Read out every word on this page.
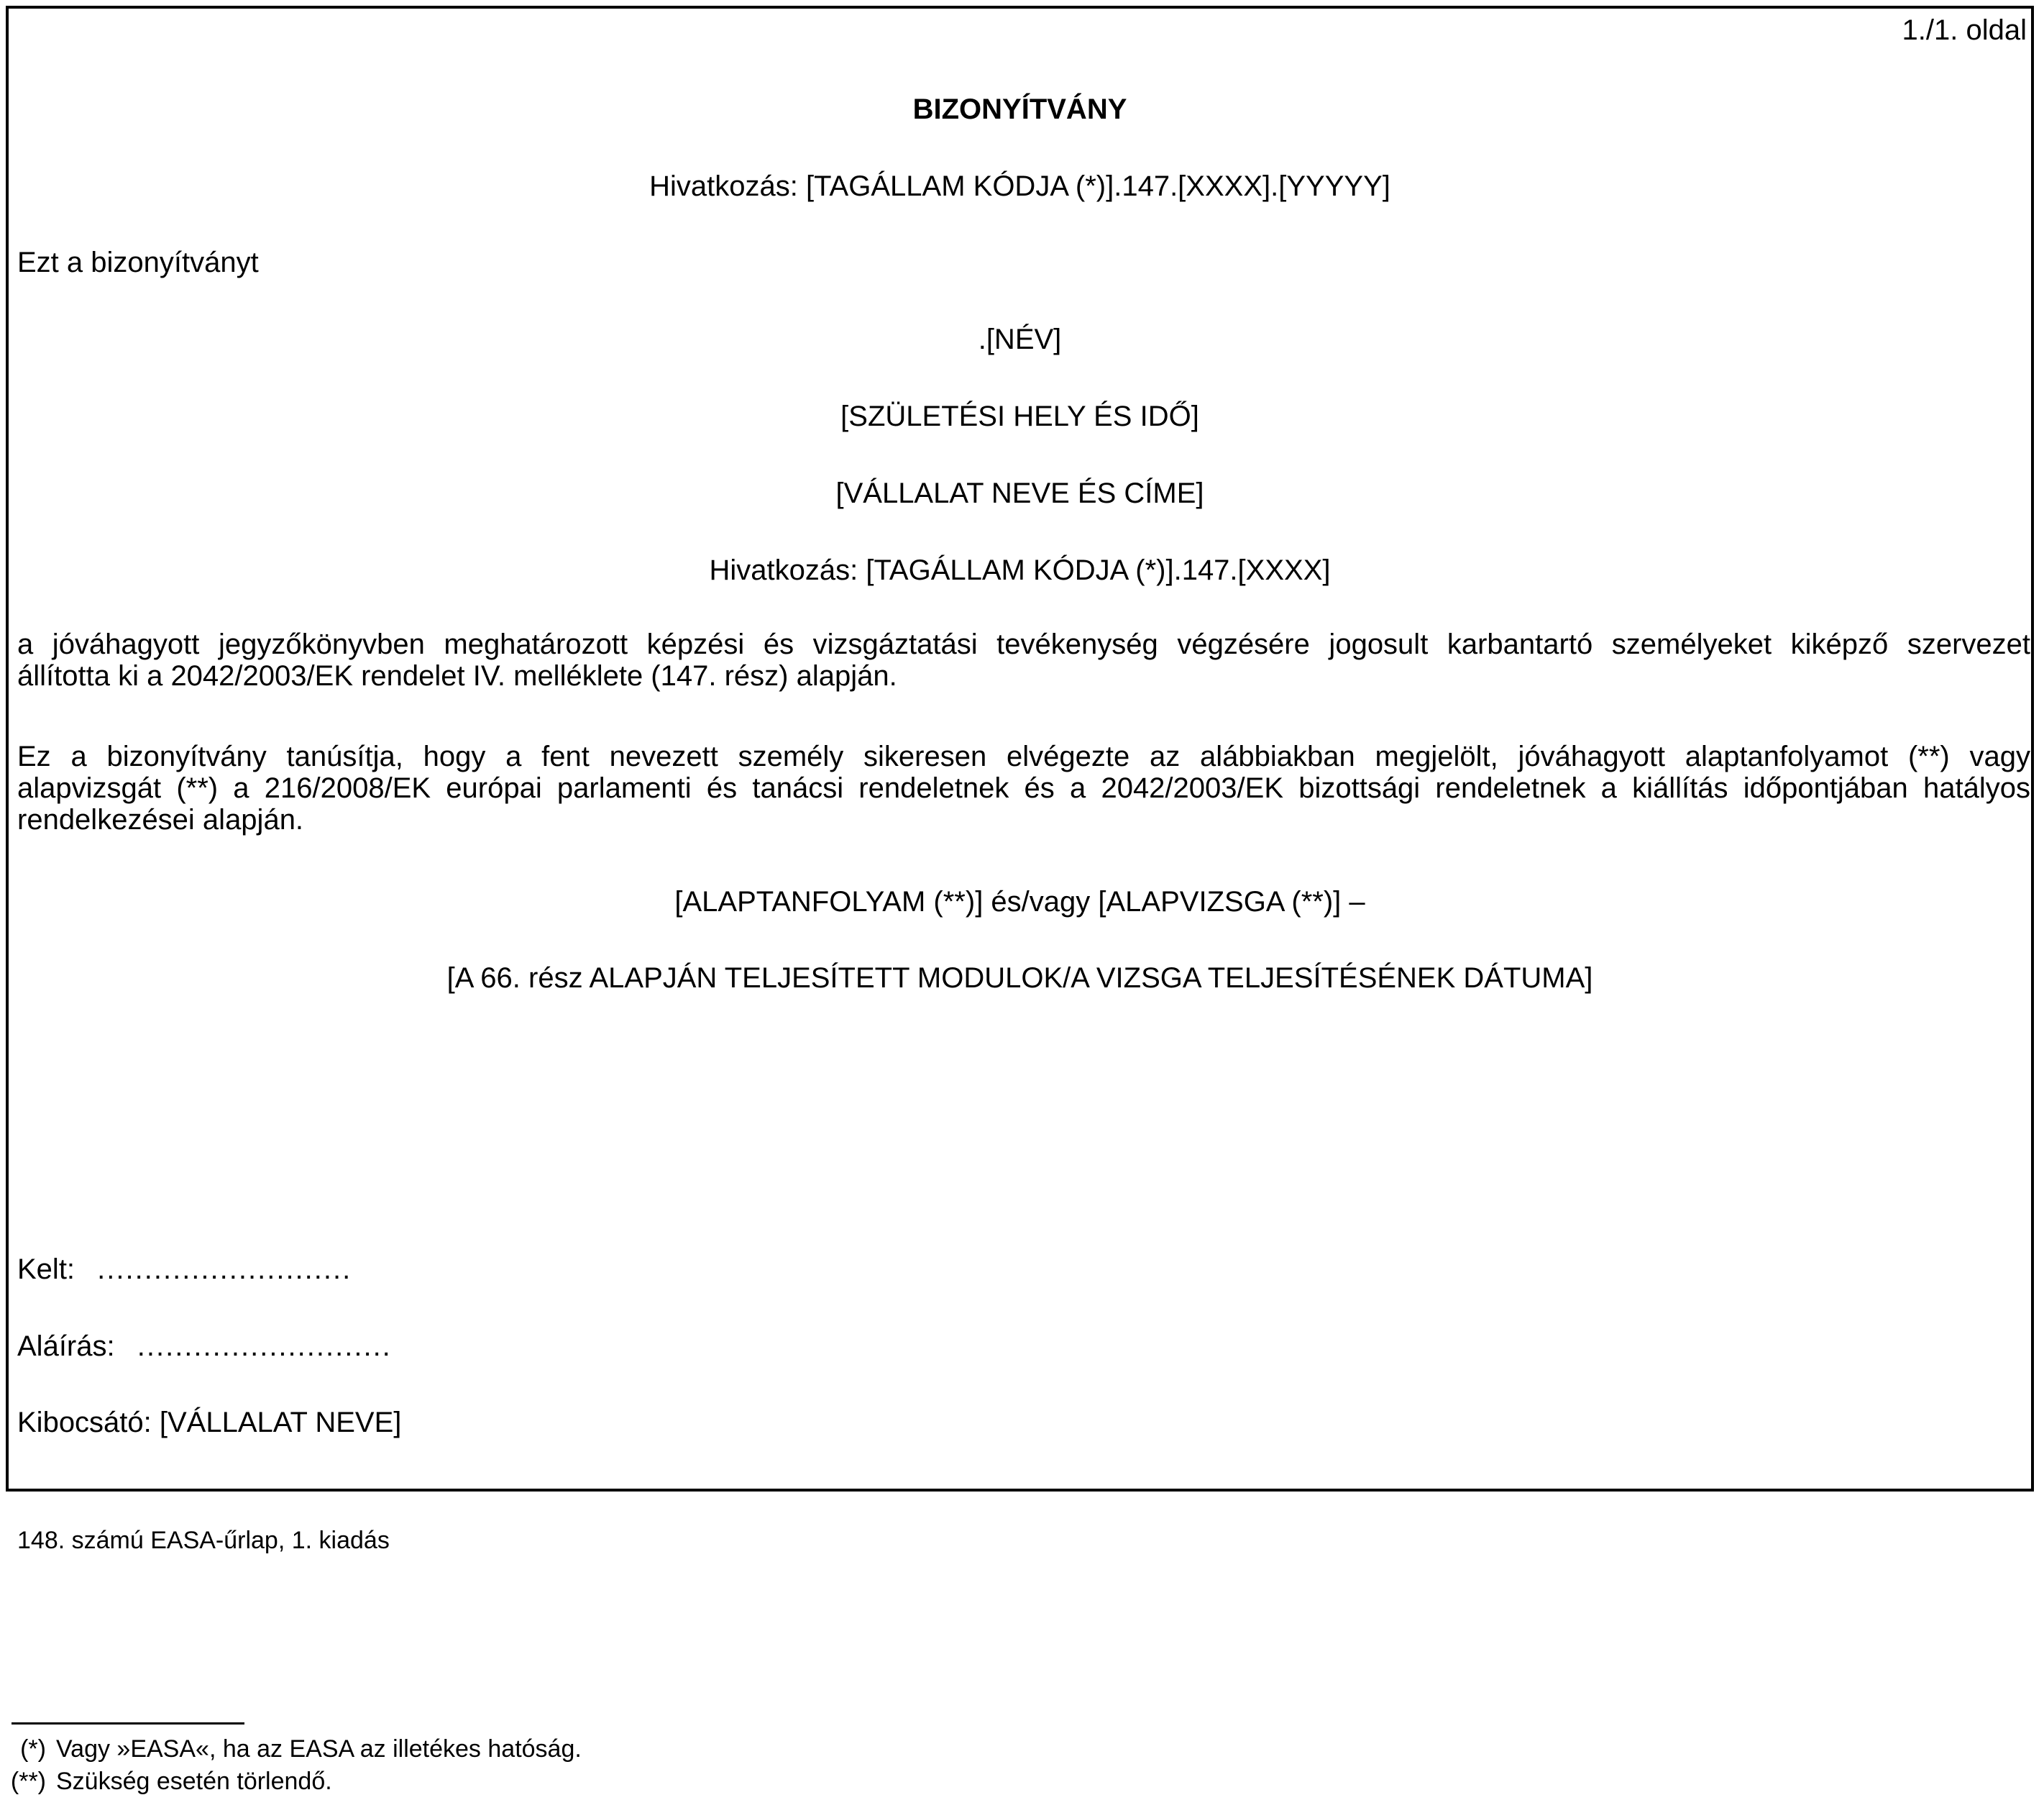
1./1. oldal
BIZONYÍTVÁNY
Hivatkozás: [TAGÁLLAM KÓDJA (*)].147.[XXXX].[YYYYY]
Ezt a bizonyítványt
.[NÉV]
[SZÜLETÉSI HELY ÉS IDŐ]
[VÁLLALAT NEVE ÉS CÍME]
Hivatkozás: [TAGÁLLAM KÓDJA (*)].147.[XXXX]
a jóváhagyott jegyzőkönyvben meghatározott képzési és vizsgáztatási tevékenység végzésére jogosult karbantartó személyeket kiképző szervezet
állította ki a 2042/2003/EK rendelet IV. melléklete (147. rész) alapján.
Ez a bizonyítvány tanúsítja, hogy a fent nevezett személy sikeresen elvégezte az alábbiakban megjelölt, jóváhagyott alaptanfolyamot (**) vagy
alapvizsgát (**) a 216/2008/EK európai parlamenti és tanácsi rendeletnek és a 2042/2003/EK bizottsági rendeletnek a kiállítás időpontjában hatályos
rendelkezései alapján.
[ALAPTANFOLYAM (**)] és/vagy [ALAPVIZSGA (**)] –
[A 66. rész ALAPJÁN TELJESÍTETT MODULOK/A VIZSGA TELJESÍTÉSÉNEK DÁTUMA]
Kelt: ...........................
Aláírás: ...........................
Kibocsátó: [VÁLLALAT NEVE]
148. számú EASA-űrlap, 1. kiadás
(*) Vagy »EASA«, ha az EASA az illetékes hatóság.
(**) Szükség esetén törlendő.
